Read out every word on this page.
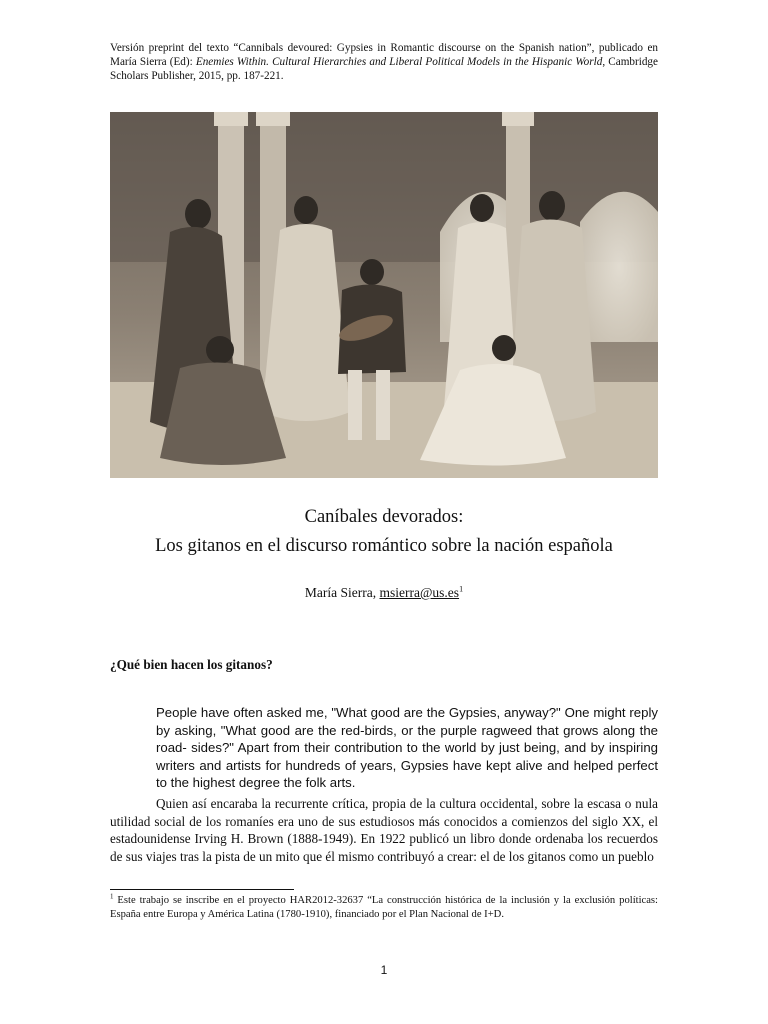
Versión preprint del texto “Cannibals devoured: Gypsies in Romantic discourse on the Spanish nation”, publicado en María Sierra (Ed): Enemies Within. Cultural Hierarchies and Liberal Political Models in the Hispanic World, Cambridge Scholars Publisher, 2015, pp. 187-221.
Caníbales devorados:
Los gitanos en el discurso romántico sobre la nación española
María Sierra, $msierra@us.es^1$
¿Qué bien hacen los gitanos?
People have often asked me, "What good are the Gypsies, anyway?" One might reply by asking, "What good are the red-birds, or the purple ragweed that grows along the road- sides?" Apart from their contribution to the world by just being, and by inspiring writers and artists for hundreds of years, Gypsies have kept alive and helped perfect to the highest degree the folk arts.

Quien así encaraba la recurrente crítica, propia de la cultura occidental, sobre la escasa o nula utilidad social de los romaníes era uno de sus estudiosos más conocidos a comienzos del siglo XX, el estadounidense Irving H. Brown (1888-1949). En 1922 publicó un libro donde ordenaba los recuerdos de sus viajes tras la pista de un mito que él mismo contribuyó a crear: el de los gitanos como un pueblo

$^1$ Este trabajo se inscribe en el proyecto HAR2012-32637 “La construcción histórica de la inclusión y la exclusión políticas: España entre Europa y América Latina (1780-1910), financiado por el Plan Nacional de I+D.
1
